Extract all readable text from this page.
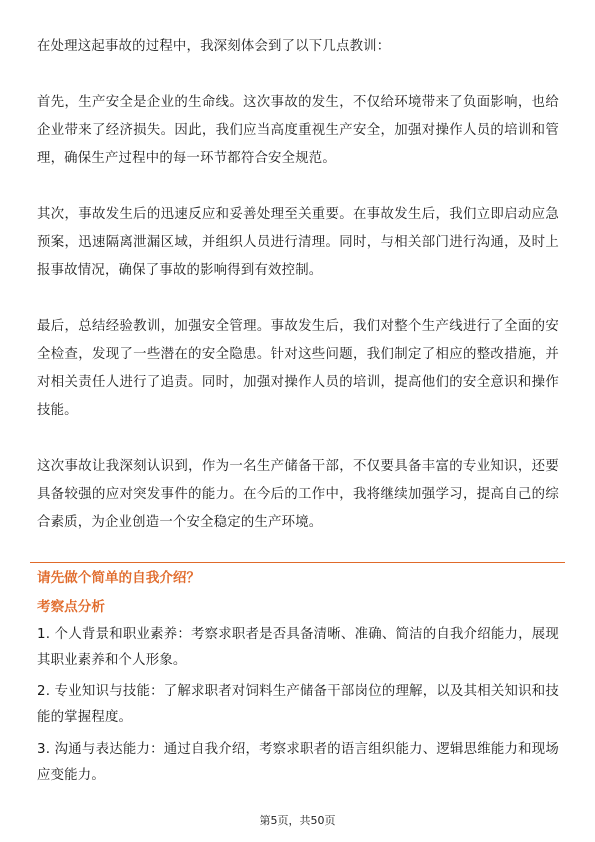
在处理这起事故的过程中，我深刻体会到了以下几点教训：

首先，生产安全是企业的生命线。这次事故的发生，不仅给环境带来了负面影响，也给企业带来了经济损失。因此，我们应当高度重视生产安全，加强对操作人员的培训和管理，确保生产过程中的每一环节都符合安全规范。

其次，事故发生后的迅速反应和妥善处理至关重要。在事故发生后，我们立即启动应急预案，迅速隔离泄漏区域，并组织人员进行清理。同时，与相关部门进行沟通，及时上报事故情况，确保了事故的影响得到有效控制。

最后，总结经验教训，加强安全管理。事故发生后，我们对整个生产线进行了全面的安全检查，发现了一些潜在的安全隐患。针对这些问题，我们制定了相应的整改措施，并对相关责任人进行了追责。同时，加强对操作人员的培训，提高他们的安全意识和操作技能。

这次事故让我深刻认识到，作为一名生产储备干部，不仅要具备丰富的专业知识，还要具备较强的应对突发事件的能力。在今后的工作中，我将继续加强学习，提高自己的综合素质，为企业创造一个安全稳定的生产环境。

请先做个简单的自我介绍？
考察点分析

1. 个人背景和职业素养：考察求职者是否具备清晰、准确、简洁的自我介绍能力，展现其职业素养和个人形象。

2. 专业知识与技能：了解求职者对饲料生产储备干部岗位的理解，以及其相关知识和技能的掌握程度。

3. 沟通与表达能力：通过自我介绍，考察求职者的语言组织能力、逻辑思维能力和现场应变能力。

第5页，共50页
